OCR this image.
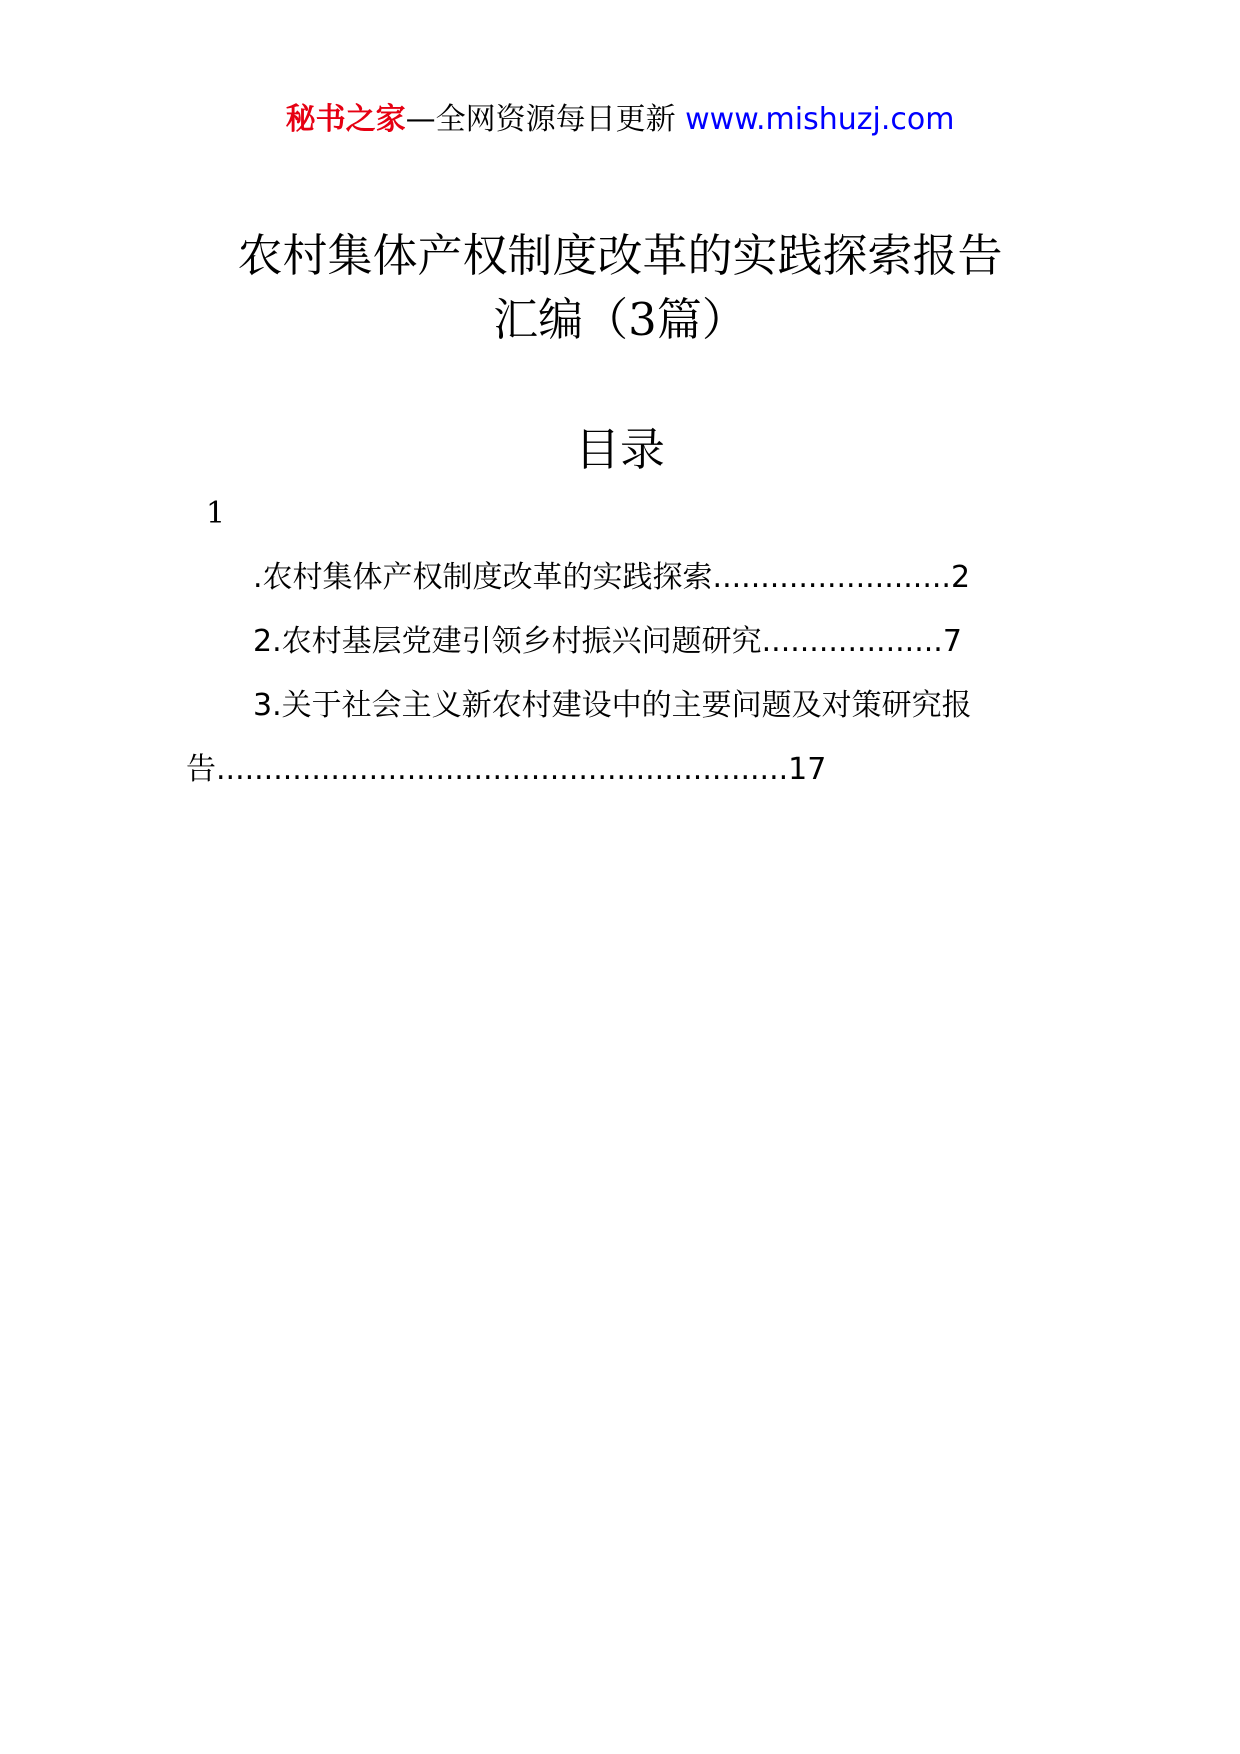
秘书之家—全网资源每日更新 www.mishuzj.com
农村集体产权制度改革的实践探索报告
汇编（3篇）
目录
1
.农村集体产权制度改革的实践探索.........................2
2.农村基层党建引领乡村振兴问题研究...................7
3.关于社会主义新农村建设中的主要问题及对策研究报
告............................................................17
